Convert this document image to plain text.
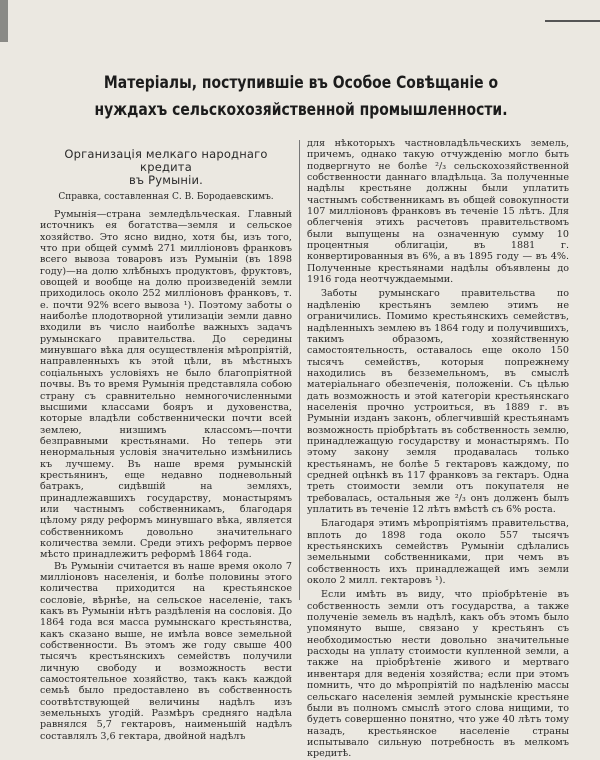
Матеріалы, поступившіе въ Особое Совѣщаніе о нуждахъ сельскохозяйственной промышленности.
Организація мелкаго народнаго кредита
въ Румыніи.
Справка, составленная С. В. Бородаевскимъ.

Румынія—страна земледѣльческая. Главный источникъ ея богатства—земля и сельское хозяйство. Это ясно видно, хотя бы, изъ того, что при общей суммѣ 271 милліоновъ франковъ всего вывоза товаровъ изъ Румыніи (въ 1898 году)—на долю хлѣбныхъ продуктовъ, фруктовъ, овощей и вообще на долю произведеній земли приходилось около 252 милліоновъ франковъ, т. е. почти 92% всего вывоза ¹). Поэтому заботы о наиболѣе плодотворной утилизаціи земли давно входили въ число наиболѣе важныхъ задачъ румынскаго правительства. До середины минувшаго вѣка для осуществленія мѣропріятій, направленныхъ къ этой цѣли, въ мѣстныхъ соціальныхъ условіяхъ не было благопріятной почвы. Въ то время Румынія представляла собою страну съ сравнительно немногочисленными высшими классами бояръ и духовенства, которые владѣли собственнически почти всей землею, низшимъ классомъ—почти безправными крестьянами. Но теперь эти ненормальныя условія значительно измѣнились къ лучшему. Въ наше время румынскій крестьянинъ, еще недавно подневольный батракъ, сидѣвшій на земляхъ, принадлежавшихъ государству, монастырямъ или частнымъ собственникамъ, благодаря цѣлому ряду реформъ минувшаго вѣка, является собственникомъ довольно значительнаго количества земли. Среди этихъ реформъ первое мѣсто принадлежитъ реформѣ 1864 года.

Въ Румыніи считается въ наше время около 7 милліоновъ населенія, и болѣе половины этого количества приходится на крестьянское сословіе, вѣрнѣе, на сельское населеніе, такъ какъ въ Румыніи нѣтъ раздѣленія на сословія. До 1864 года вся масса румынскаго крестьянства, какъ сказано выше, не имѣла вовсе земельной собственности. Въ этомъ же году свыше 400 тысячъ крестьянскихъ семействъ получили личную свободу и возможность вести самостоятельное хозяйство, такъ какъ каждой семьѣ было предоставлено въ собственность соотвѣтствующей величины надѣлъ изъ земельныхъ угодій. Размѣръ средняго надѣла равнялся 5,7 гектаровъ, наименьшій надѣлъ составлялъ 3,6 гектара, двойной надѣлъ

для нѣкоторыхъ частновладѣльческихъ земель, причемъ, однако такую отчужденію могло быть подвергнуто не болѣе ²/₃ сельскохозяйственной собственности даннаго владѣльца. За полученные надѣлы крестьяне должны были уплатить частнымъ собственникамъ въ общей совокупности 107 милліоновъ франковъ въ теченіе 15 лѣтъ. Для облегченія этихъ расчетовъ правительствомъ были выпущены на означенную сумму 10 процентныя облигаціи, въ 1881 г. конвертированныя въ 6%, а въ 1895 году — въ 4%. Полученные крестьянами надѣлы объявлены до 1916 года неотчуждаемыми.

Заботы румынскаго правительства по надѣленію крестьянъ землею этимъ не ограничились. Помимо крестьянскихъ семействъ, надѣленныхъ землею въ 1864 году и получившихъ, такимъ образомъ, хозяйственную самостоятельность, оставалось еще около 150 тысячъ семействъ, которыя попрежнему находились въ безземельномъ, въ смыслѣ матеріальнаго обезпеченія, положеніи. Съ цѣлью дать возможность и этой категоріи крестьянскаго населенія прочно устроиться, въ 1889 г. въ Румыніи изданъ законъ, облегчившій крестьянамъ возможность пріобрѣтать въ собственность землю, принадлежащую государству и монастырямъ. По этому закону земля продавалась только крестьянамъ, не болѣе 5 гектаровъ каждому, по средней оцѣнкѣ въ 117 франковъ за гектаръ. Одна треть стоимости земли отъ покупателя не требовалась, остальныя же ²/₃ онъ долженъ былъ уплатить въ теченіе 12 лѣтъ вмѣстѣ съ 6% роста.

Благодаря этимъ мѣропріятіямъ правительства, вплоть до 1898 года около 557 тысячъ крестьянскихъ семействъ Румыніи сдѣлались земельными собственниками, при чемъ въ собственность ихъ принадлежащей имъ земли около 2 милл. гектаровъ ¹).

Если имѣть въ виду, что пріобрѣтеніе въ собственность земли отъ государства, а также полученіе земель въ надѣлѣ, какъ объ этомъ было упомянуто выше, связано у крестьянъ съ необходимостью нести довольно значительные расходы на уплату стоимости купленной земли, а также на пріобрѣтеніе живого и мертваго инвентаря для веденія хозяйства; если при этомъ помнить, что до мѣропріятій по надѣленію массы сельскаго населенія землей румынскіе крестьяне были въ полномъ смыслѣ этого слова нищими, то будетъ совершенно понятно, что уже 40 лѣтъ тому назадъ, крестьянское населеніе страны испытывало сильную потребность въ мелкомъ кредитѣ.
